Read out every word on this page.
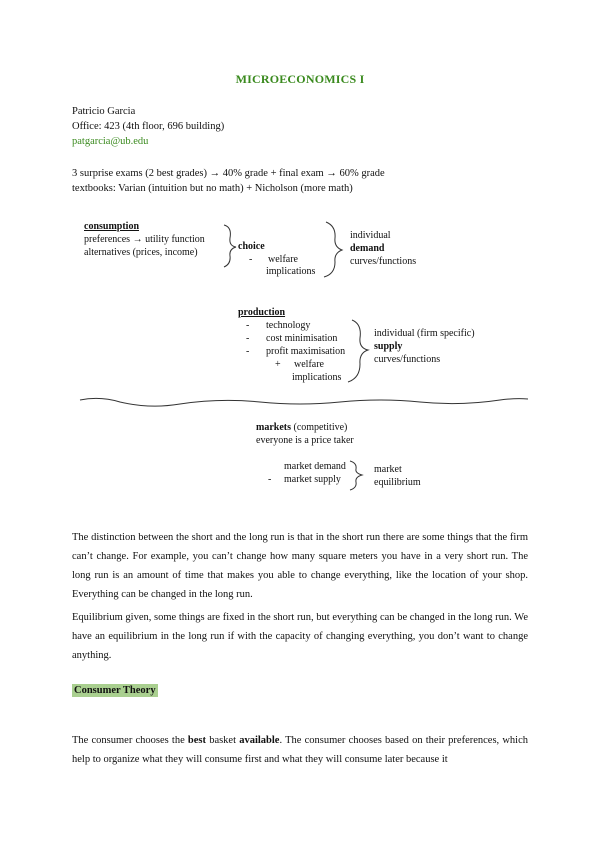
MICROECONOMICS I
Patricio Garcia
Office: 423 (4th floor, 696 building)
patgarcia@ub.edu
3 surprise exams (2 best grades) → 40% grade + final exam → 60% grade
textbooks: Varian (intuition but no math) + Nicholson (more math)
consumption
preferences → utility function
alternatives (prices, income)
choice
- welfare
implications
individual
demand
curves/functions
production
- technology
- cost minimisation
- profit maximisation
+ welfare
implications
individual (firm specific)
supply
curves/functions
markets (competitive)
everyone is a price taker
market demand
- market supply
market
equilibrium
The distinction between the short and the long run is that in the short run there are some things that the firm can’t change. For example, you can’t change how many square meters you have in a very short run. The long run is an amount of time that makes you able to change everything, like the location of your shop. Everything can be changed in the long run.
Equilibrium given, some things are fixed in the short run, but everything can be changed in the long run. We have an equilibrium in the long run if with the capacity of changing everything, you don’t want to change anything.
Consumer Theory
The consumer chooses the best basket available. The consumer chooses based on their preferences, which help to organize what they will consume first and what they will consume later because it
